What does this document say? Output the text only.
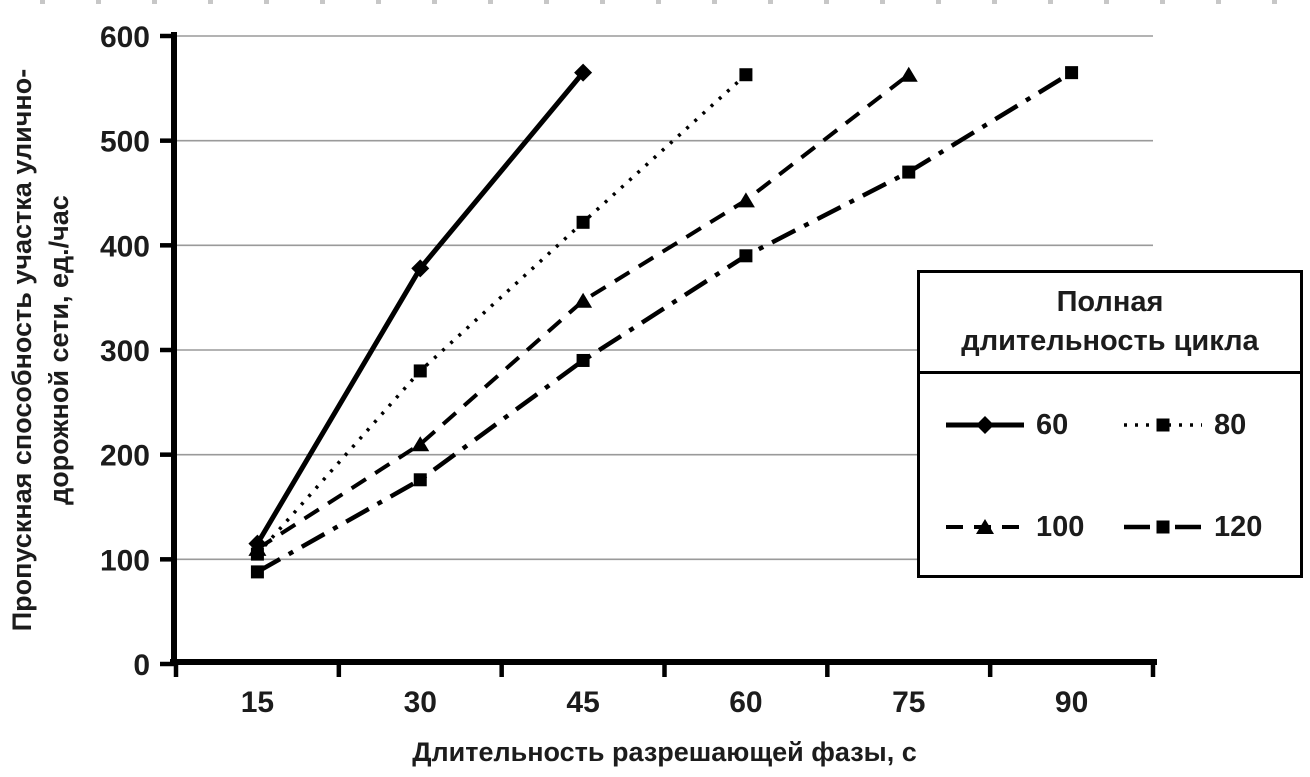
0
100
200
300
400
500
600
15	30	45	60	75	90
Пропускная способность участка улично-дорожной сети, ед./час
Длительность разрешающей фазы, с
Полная длительность цикла
60	80
100	120
